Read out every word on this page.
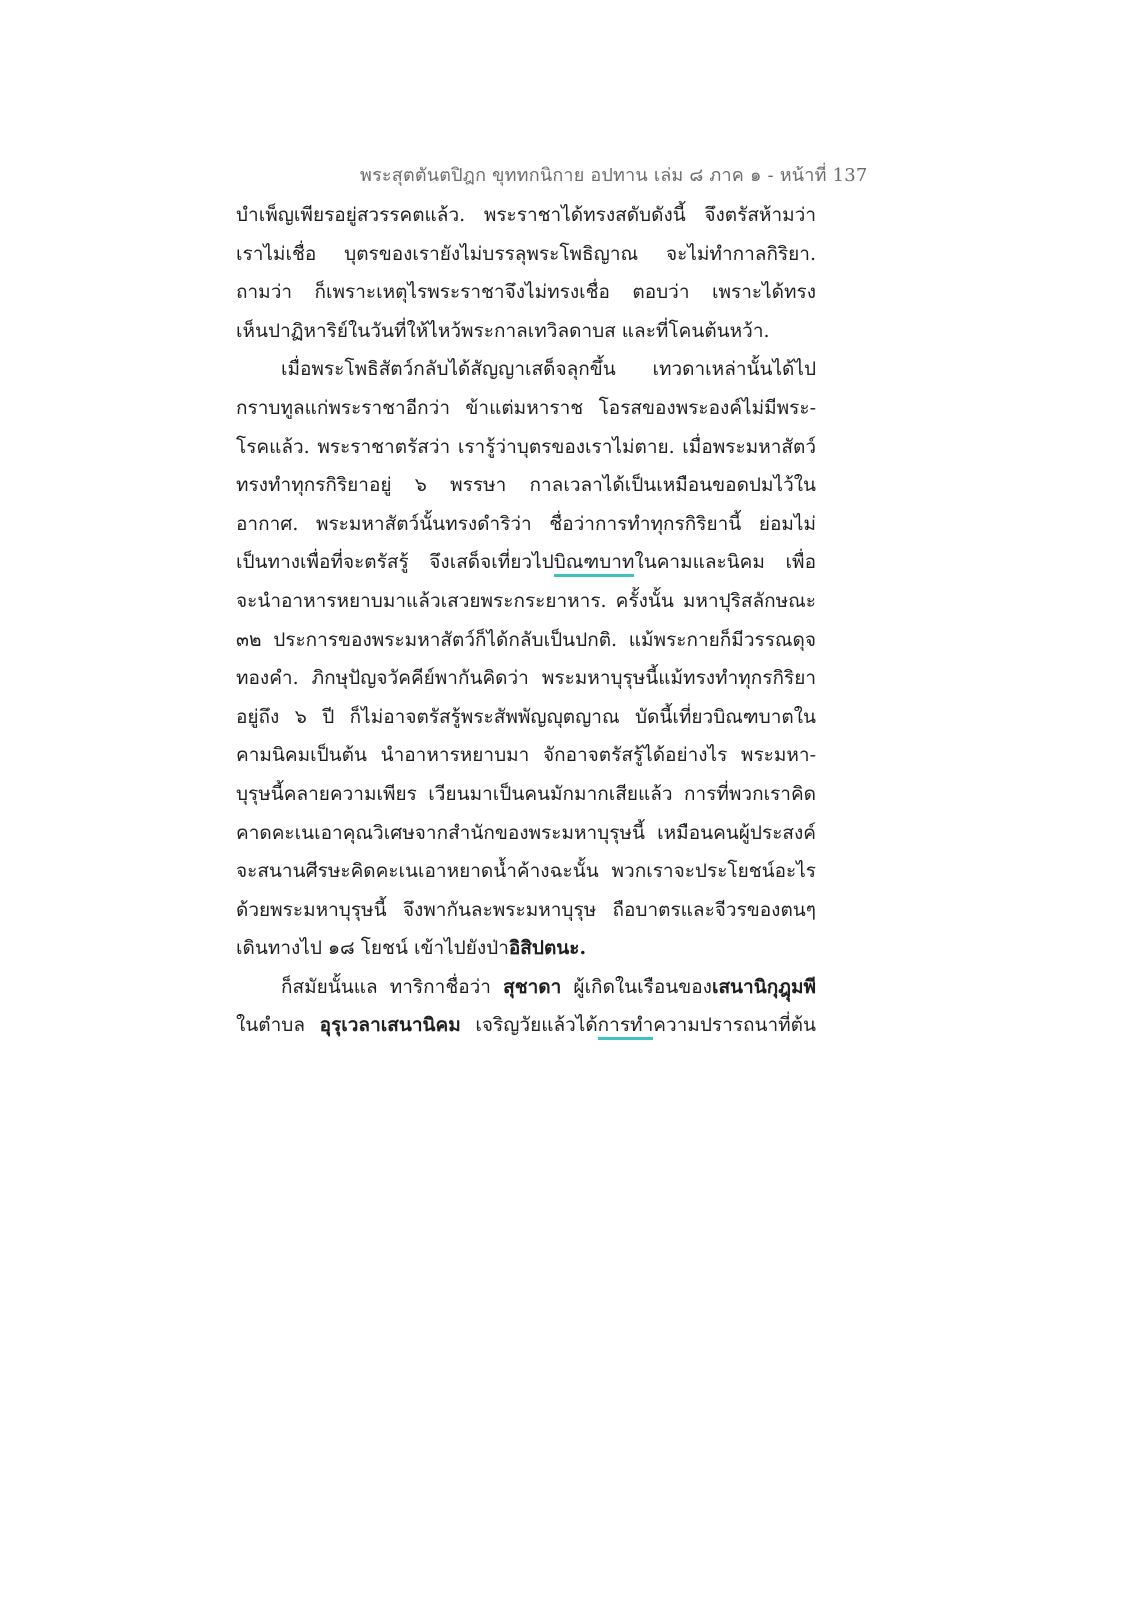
พระสุตตันตปิฎก ขุททกนิกาย อปทาน เล่ม ๘ ภาค ๑ - หน้าที่ 137
บำเพ็ญเพียรอยู่สวรรคตแล้ว. พระราชาได้ทรงสดับดังนี้ จึงตรัสห้ามว่า
เราไม่เชื่อ บุตรของเรายังไม่บรรลุพระโพธิญาณ จะไม่ทำกาลกิริยา.
ถามว่า ก็เพราะเหตุไรพระราชาจึงไม่ทรงเชื่อ ตอบว่า เพราะได้ทรง
เห็นปาฏิหาริย์ในวันที่ให้ไหว้พระกาลเทวิลดาบส และที่โคนต้นหว้า.
เมื่อพระโพธิสัตว์กลับได้สัญญาเสด็จลุกขึ้น เทวดาเหล่านั้นได้ไป
กราบทูลแก่พระราชาอีกว่า ข้าแต่มหาราช โอรสของพระองค์ไม่มีพระ-
โรคแล้ว. พระราชาตรัสว่า เรารู้ว่าบุตรของเราไม่ตาย. เมื่อพระมหาสัตว์
ทรงทำทุกรกิริยาอยู่ ๖ พรรษา กาลเวลาได้เป็นเหมือนขอดปมไว้ใน
อากาศ. พระมหาสัตว์นั้นทรงดำริว่า ชื่อว่าการทำทุกรกิริยานี้ ย่อมไม่
เป็นทางเพื่อที่จะตรัสรู้ จึงเสด็จเที่ยวไปบิณฑบาทในคามและนิคม เพื่อ
จะนำอาหารหยาบมาแล้วเสวยพระกระยาหาร. ครั้งนั้น มหาปุริสลักษณะ
๓๒ ประการของพระมหาสัตว์ก็ได้กลับเป็นปกติ. แม้พระกายก็มีวรรณดุจ
ทองคำ. ภิกษุปัญจวัคคีย์พากันคิดว่า พระมหาบุรุษนี้แม้ทรงทำทุกรกิริยา
อยู่ถึง ๖ ปี ก็ไม่อาจตรัสรู้พระสัพพัญญุตญาณ บัดนี้เที่ยวบิณฑบาตใน
คามนิคมเป็นต้น นำอาหารหยาบมา จักอาจตรัสรู้ได้อย่างไร พระมหา-
บุรุษนี้คลายความเพียร เวียนมาเป็นคนมักมากเสียแล้ว การที่พวกเราคิด
คาดคะเนเอาคุณวิเศษจากสำนักของพระมหาบุรุษนี้ เหมือนคนผู้ประสงค์
จะสนานศีรษะคิดคะเนเอาหยาดน้ำค้างฉะนั้น พวกเราจะประโยชน์อะไร
ด้วยพระมหาบุรุษนี้ จึงพากันละพระมหาบุรุษ ถือบาตรและจีวรของตนๆ
เดินทางไป ๑๘ โยชน์ เข้าไปยังป่าอิสิปตนะ.
ก็สมัยนั้นแล ทาริกาชื่อว่า สุชาดา ผู้เกิดในเรือนของเสนานิกุฎุมพี
ในตำบล อุรุเวลาเสนานิคม เจริญวัยแล้วได้การทำความปรารถนาที่ต้น
